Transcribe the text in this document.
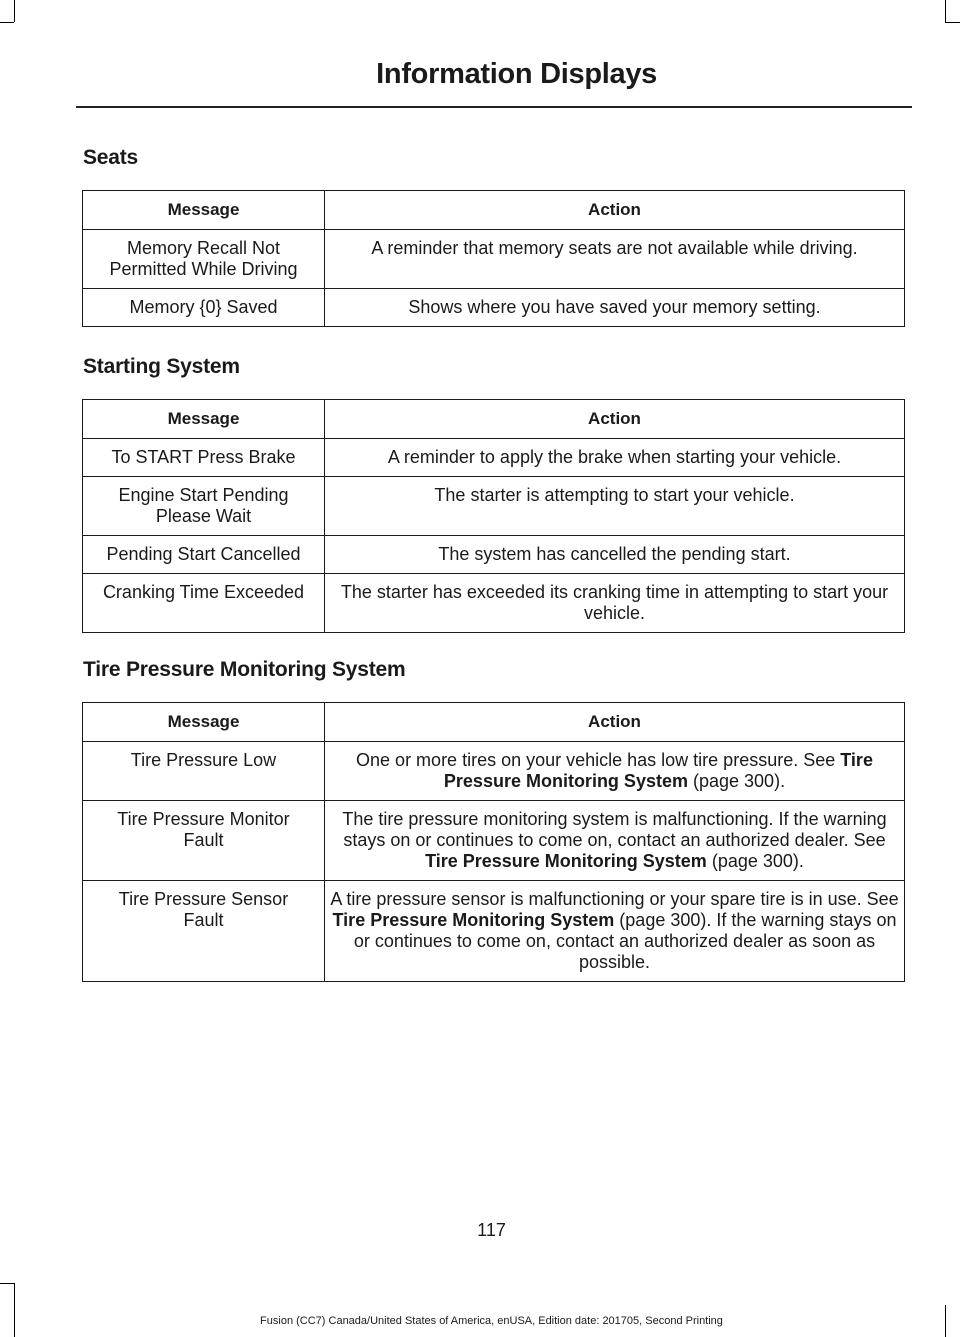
Information Displays
Seats
Message	Action
Memory Recall Not Permitted While Driving	A reminder that memory seats are not available while driving.
Memory {0} Saved	Shows where you have saved your memory setting.
Starting System
Message	Action
To START Press Brake	A reminder to apply the brake when starting your vehicle.
Engine Start Pending Please Wait	The starter is attempting to start your vehicle.
Pending Start Cancelled	The system has cancelled the pending start.
Cranking Time Exceeded	The starter has exceeded its cranking time in attempting to start your vehicle.
Tire Pressure Monitoring System
Message	Action
Tire Pressure Low	One or more tires on your vehicle has low tire pressure. See Tire Pressure Monitoring System (page 300).
Tire Pressure Monitor Fault	The tire pressure monitoring system is malfunctioning. If the warning stays on or continues to come on, contact an authorized dealer. See Tire Pressure Monitoring System (page 300).
Tire Pressure Sensor Fault	A tire pressure sensor is malfunctioning or your spare tire is in use. See Tire Pressure Monitoring System (page 300). If the warning stays on or continues to come on, contact an authorized dealer as soon as possible.
117
Fusion (CC7) Canada/United States of America, enUSA, Edition date: 201705, Second Printing
